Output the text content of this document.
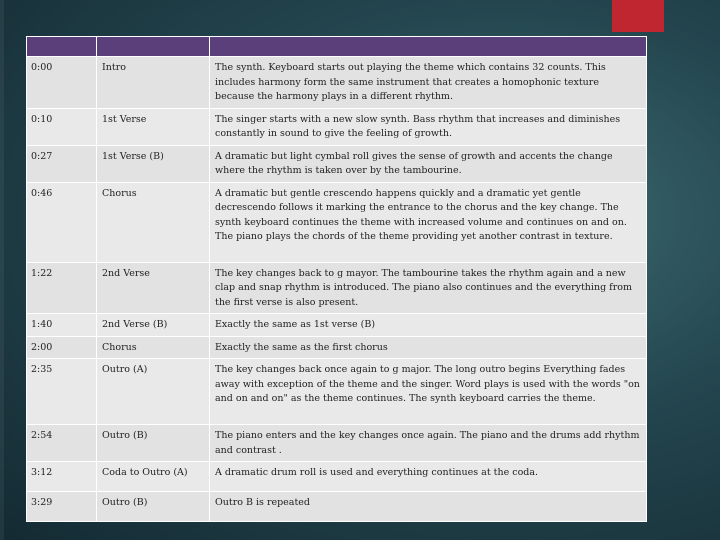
0:00	Intro	The synth. Keyboard starts out playing the theme which contains 32 counts. This includes harmony form the same instrument that creates a homophonic texture because the harmony plays in a different rhythm.
0:10	1st Verse	The singer starts with a new slow synth. Bass rhythm that increases and diminishes constantly in sound to give the feeling of growth.
0:27	1st Verse (B)	A dramatic but light cymbal roll gives the sense of growth and accents the change where the rhythm is taken over by the tambourine.
0:46	Chorus	A dramatic but gentle crescendo happens quickly and a dramatic yet gentle decrescendo follows it marking the entrance to the chorus and the key change. The synth keyboard continues the theme with increased volume and continues on and on. The piano plays the chords of the theme providing yet another contrast in texture.
1:22	2nd Verse	The key changes back to g mayor. The tambourine takes the rhythm again and a new clap and snap rhythm is introduced. The piano also continues and the everything from the first verse is also present.
1:40	2nd Verse (B)	Exactly the same as 1st verse (B)
2:00	Chorus	Exactly the same as the first chorus
2:35	Outro (A)	The key changes back once again to g major. The long outro begins Everything fades away with exception of the theme and the singer. Word plays is used with the words "on and on and on" as the theme continues. The synth keyboard carries the theme.
2:54	Outro (B)	The piano enters and the key changes once again. The piano and the drums add rhythm and contrast .
3:12	Coda to Outro (A)	A dramatic drum roll is used and everything continues at the coda.
3:29	Outro (B)	Outro B is repeated
